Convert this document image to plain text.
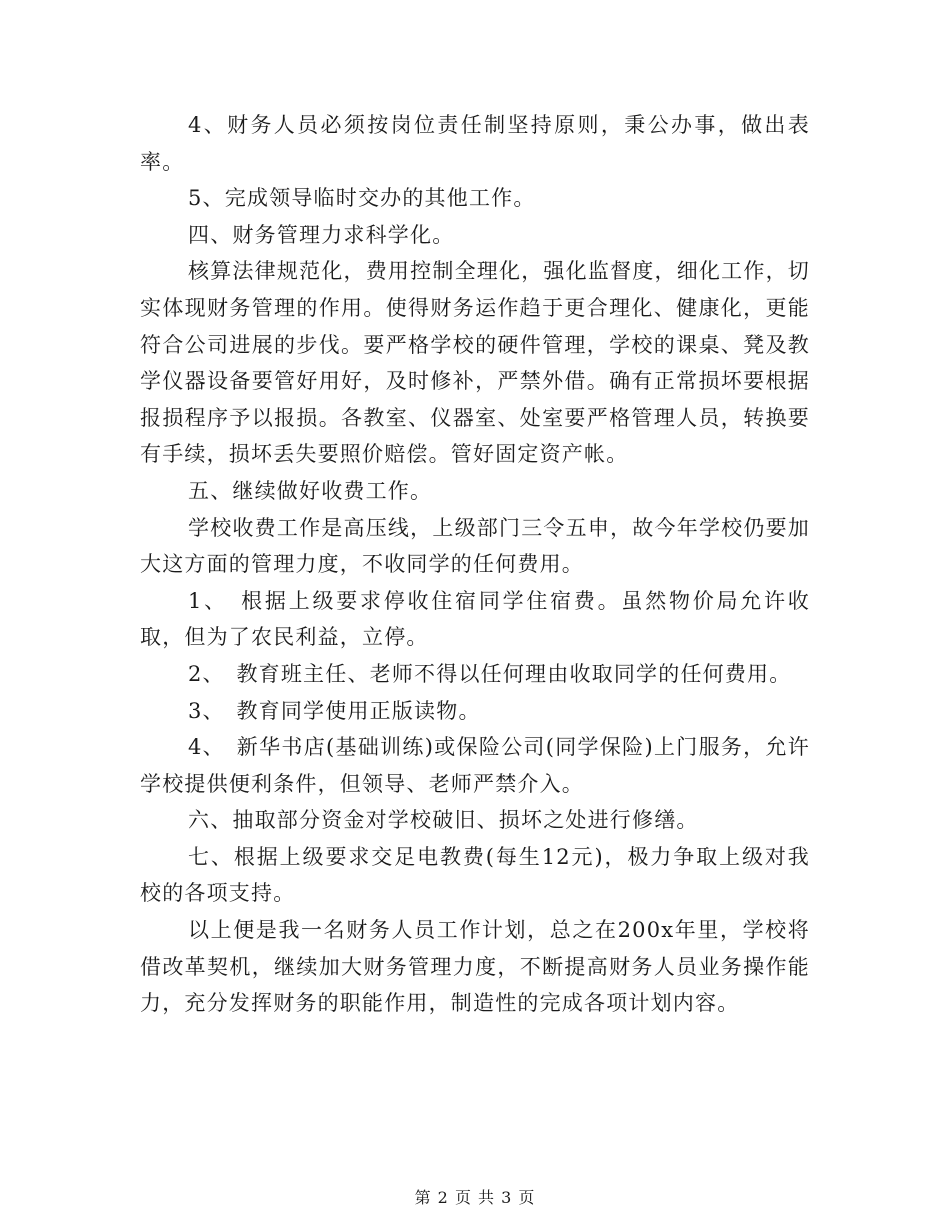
4、财务人员必须按岗位责任制坚持原则，秉公办事，做出表率。

5、完成领导临时交办的其他工作。

四、财务管理力求科学化。

核算法律规范化，费用控制全理化，强化监督度，细化工作，切实体现财务管理的作用。使得财务运作趋于更合理化、健康化，更能符合公司进展的步伐。要严格学校的硬件管理，学校的课桌、凳及教学仪器设备要管好用好，及时修补，严禁外借。确有正常损坏要根据报损程序予以报损。各教室、仪器室、处室要严格管理人员，转换要有手续，损坏丢失要照价赔偿。管好固定资产帐。

五、继续做好收费工作。

学校收费工作是高压线，上级部门三令五申，故今年学校仍要加大这方面的管理力度，不收同学的任何费用。

1、　根据上级要求停收住宿同学住宿费。虽然物价局允许收取，但为了农民利益，立停。

2、　教育班主任、老师不得以任何理由收取同学的任何费用。

3、　教育同学使用正版读物。

4、　新华书店(基础训练)或保险公司(同学保险)上门服务，允许学校提供便利条件，但领导、老师严禁介入。

六、抽取部分资金对学校破旧、损坏之处进行修缮。

七、根据上级要求交足电教费(每生12元)，极力争取上级对我校的各项支持。

以上便是我一名财务人员工作计划，总之在200x年里，学校将借改革契机，继续加大财务管理力度，不断提高财务人员业务操作能力，充分发挥财务的职能作用，制造性的完成各项计划内容。

第 2 页 共 3 页
